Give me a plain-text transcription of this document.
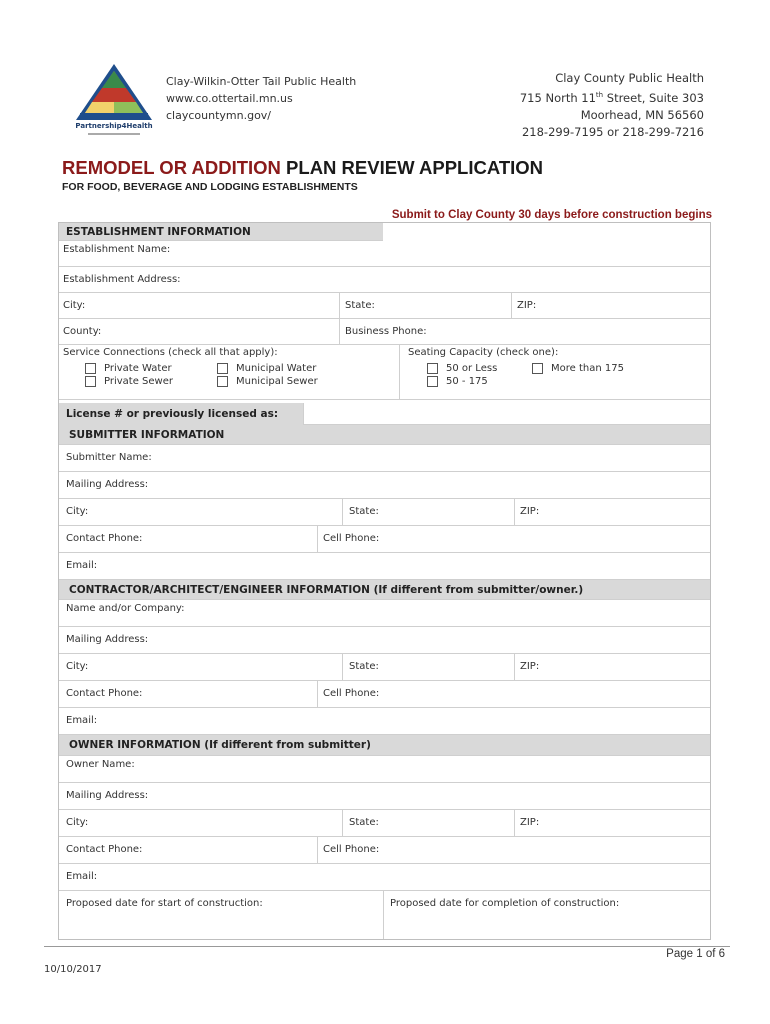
Partnership4Health
Clay-Wilkin-Otter Tail Public Health
www.co.ottertail.mn.us
claycountymn.gov/
Clay County Public Health
715 North 11th Street, Suite 303
Moorhead, MN 56560
218-299-7195 or 218-299-7216
REMODEL OR ADDITION PLAN REVIEW APPLICATION
FOR FOOD, BEVERAGE AND LODGING ESTABLISHMENTS
Submit to Clay County 30 days before construction begins
ESTABLISHMENT INFORMATION
Establishment Name:
Establishment Address:
City:	State:	ZIP:
County:	Business Phone:
Service Connections (check all that apply):
Private Water
Private Sewer
Municipal Water
Municipal Sewer
Seating Capacity (check one):
50 or Less
50 - 175
More than 175
License # or previously licensed as:
SUBMITTER INFORMATION
Submitter Name:
Mailing Address:
City:	State:	ZIP:
Contact Phone:	Cell Phone:
Email:
CONTRACTOR/ARCHITECT/ENGINEER INFORMATION (If different from submitter/owner.)
Name and/or Company:
Mailing Address:
City:	State:	ZIP:
Contact Phone:	Cell Phone:
Email:
OWNER INFORMATION (If different from submitter)
Owner Name:
Mailing Address:
City:	State:	ZIP:
Contact Phone:	Cell Phone:
Email:
Proposed date for start of construction:	Proposed date for completion of construction:
Page 1 of 6
10/10/2017
